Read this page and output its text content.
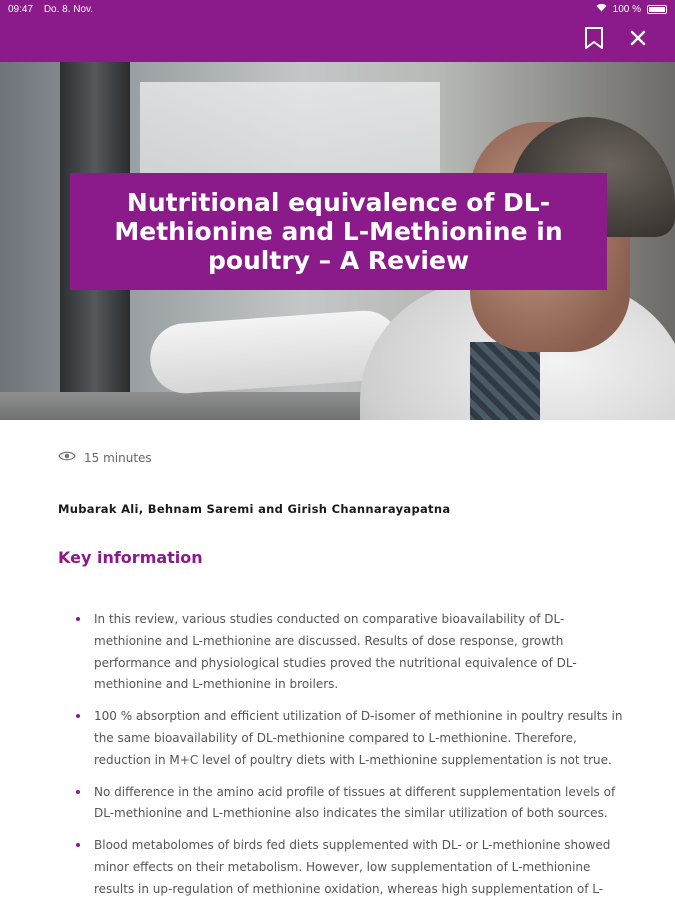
09:47 Do. 8. Nov.	100 %
Nutritional equivalence of DL-Methionine and L-Methionine in poultry – A Review
15 minutes
Mubarak Ali, Behnam Saremi and Girish Channarayapatna
Key information
In this review, various studies conducted on comparative bioavailability of DL-methionine and L-methionine are discussed. Results of dose response, growth performance and physiological studies proved the nutritional equivalence of DL-methionine and L-methionine in broilers.
100 % absorption and efficient utilization of D-isomer of methionine in poultry results in the same bioavailability of DL-methionine compared to L-methionine. Therefore, reduction in M+C level of poultry diets with L-methionine supplementation is not true.
No difference in the amino acid profile of tissues at different supplementation levels of DL-methionine and L-methionine also indicates the similar utilization of both sources.
Blood metabolomes of birds fed diets supplemented with DL- or L-methionine showed minor effects on their metabolism. However, low supplementation of L-methionine results in up-regulation of methionine oxidation, whereas high supplementation of L-
